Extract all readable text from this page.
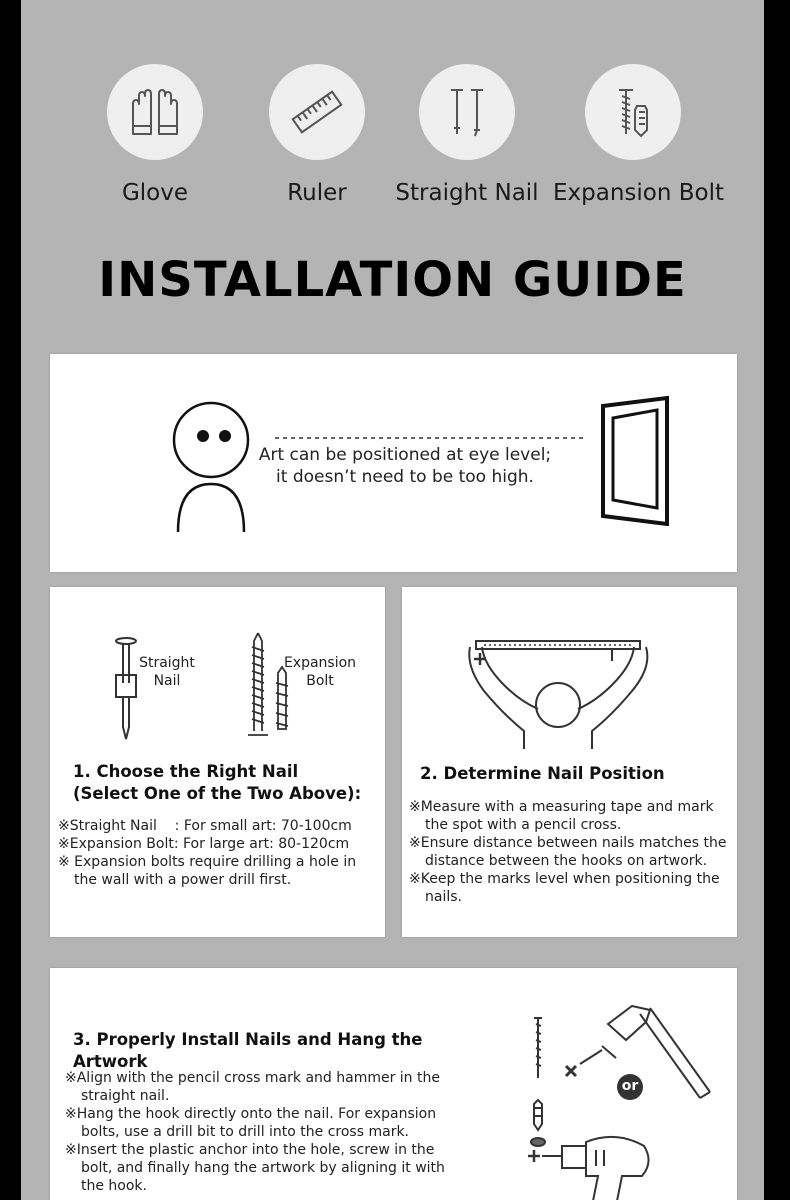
Glove	Ruler	Straight Nail Expansion Bolt
INSTALLATION GUIDE
Art can be positioned at eye level;
it doesn’t need to be too high.
Straight
Nail
Expansion
Bolt
1. Choose the Right Nail
(Select One of the Two Above):
※Straight Nail    : For small art: 70-100cm
※Expansion Bolt: For large art: 80-120cm
※ Expansion bolts require drilling a hole in the wall with a power drill first.
2. Determine Nail Position
※Measure with a measuring tape and mark the spot with a pencil cross.
※Ensure distance between nails matches the distance between the hooks on artwork.
※Keep the marks level when positioning the nails.
3. Properly Install Nails and Hang the Artwork
※Align with the pencil cross mark and hammer in the straight nail.
※Hang the hook directly onto the nail. For expansion bolts, use a drill bit to drill into the cross mark.
※Insert the plastic anchor into the hole, screw in the bolt, and finally hang the artwork by aligning it with the hook.
or
